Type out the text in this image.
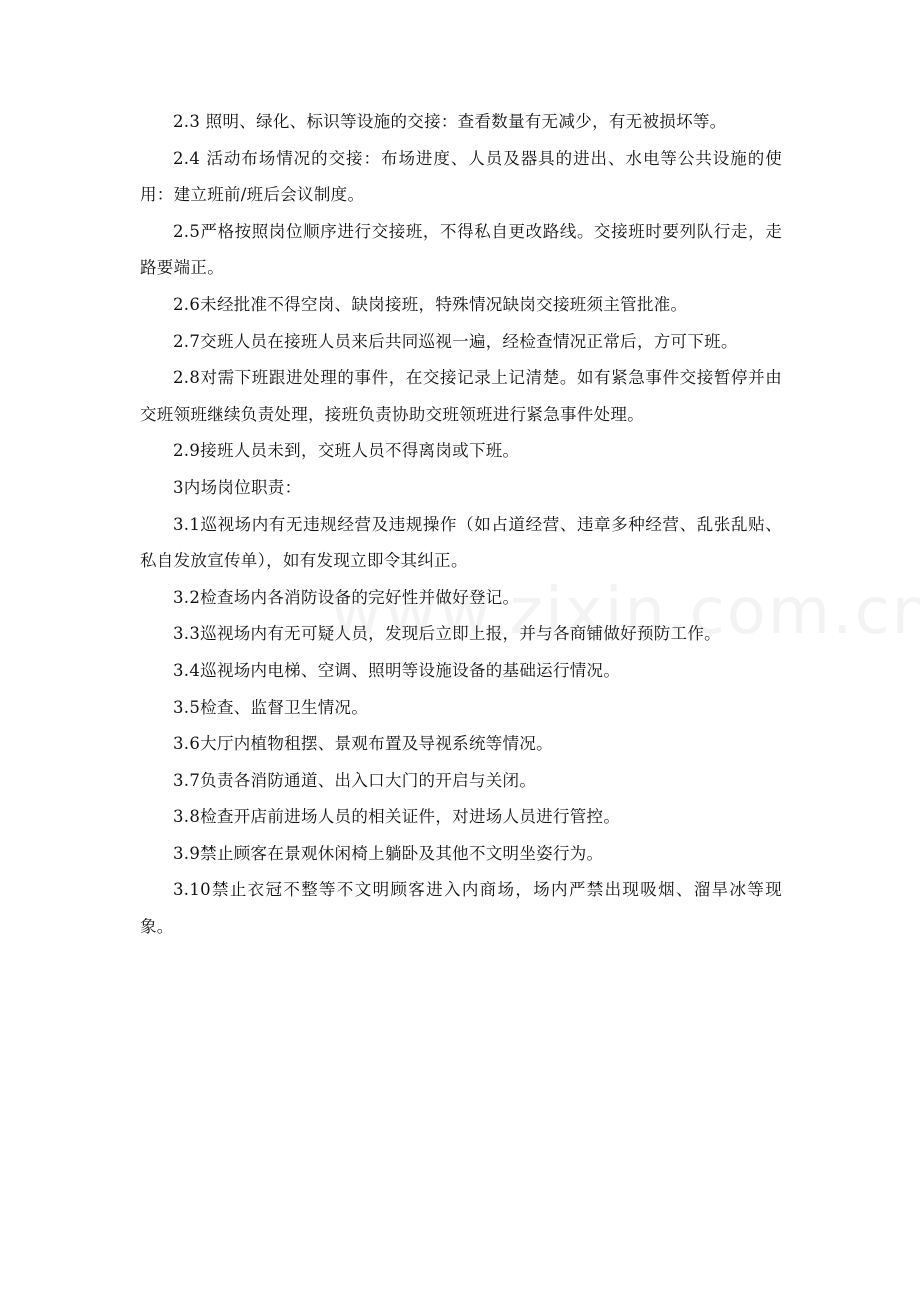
2.3 照明、绿化、标识等设施的交接：查看数量有无减少，有无被损坏等。

2.4 活动布场情况的交接：布场进度、人员及器具的进出、水电等公共设施的使用：建立班前/班后会议制度。

2.5严格按照岗位顺序进行交接班，不得私自更改路线。交接班时要列队行走，走路要端正。

2.6未经批准不得空岗、缺岗接班，特殊情况缺岗交接班须主管批准。

2.7交班人员在接班人员来后共同巡视一遍，经检查情况正常后，方可下班。

2.8对需下班跟进处理的事件，在交接记录上记清楚。如有紧急事件交接暂停并由交班领班继续负责处理，接班负责协助交班领班进行紧急事件处理。

2.9接班人员未到，交班人员不得离岗或下班。

3内场岗位职责：

3.1巡视场内有无违规经营及违规操作（如占道经营、违章多种经营、乱张乱贴、私自发放宣传单），如有发现立即令其纠正。

3.2检查场内各消防设备的完好性并做好登记。

3.3巡视场内有无可疑人员，发现后立即上报，并与各商铺做好预防工作。

3.4巡视场内电梯、空调、照明等设施设备的基础运行情况。

3.5检查、监督卫生情况。

3.6大厅内植物租摆、景观布置及导视系统等情况。

3.7负责各消防通道、出入口大门的开启与关闭。

3.8检查开店前进场人员的相关证件，对进场人员进行管控。

3.9禁止顾客在景观休闲椅上躺卧及其他不文明坐姿行为。

3.10禁止衣冠不整等不文明顾客进入内商场，场内严禁出现吸烟、溜旱冰等现象。
